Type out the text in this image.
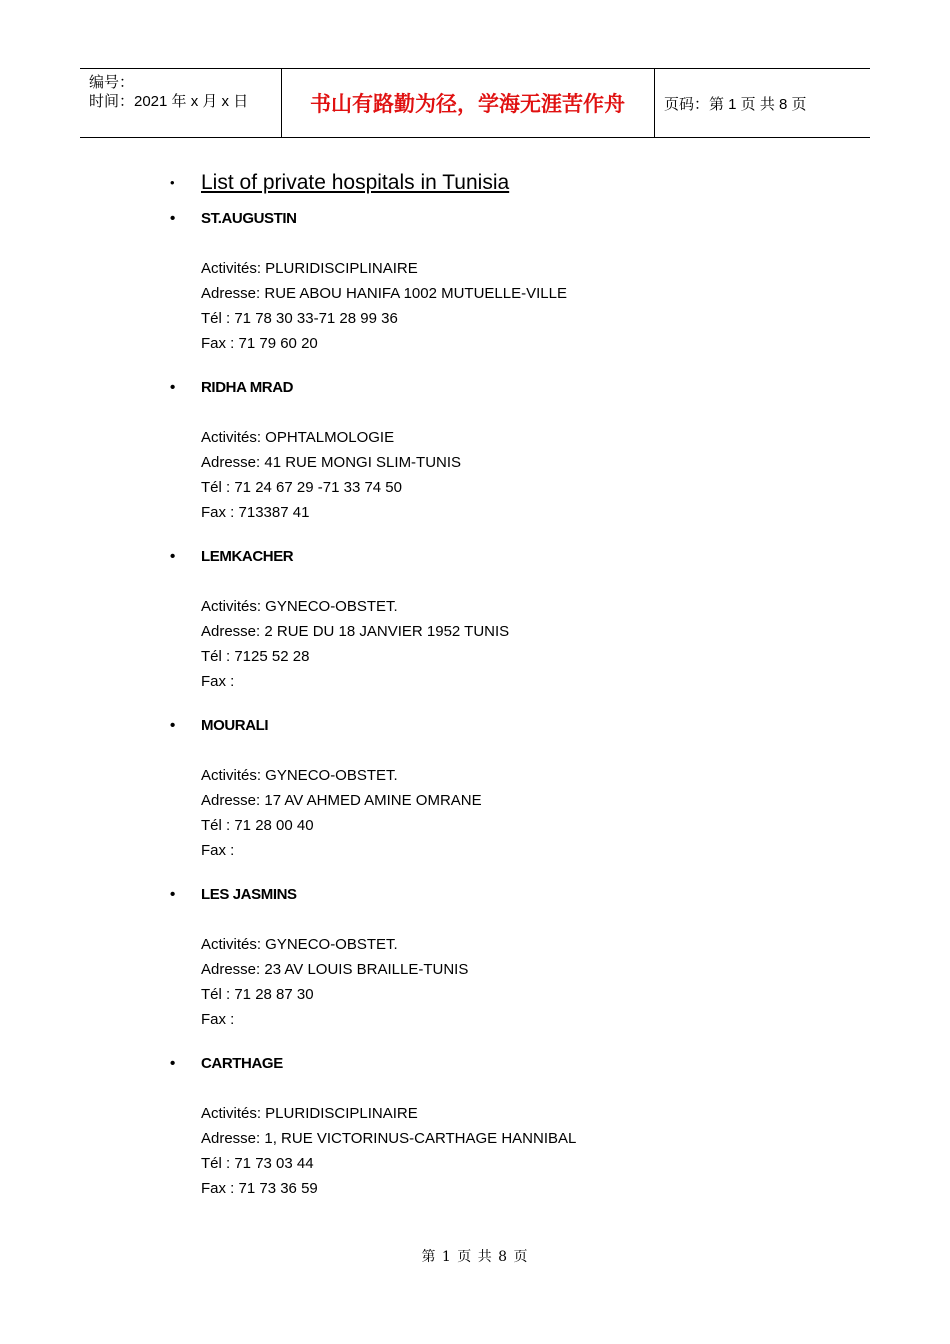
编号：
时间：2021 年 x 月 x 日	书山有路勤为径，学海无涯苦作舟	页码：第 1 页 共 8 页
• List of private hospitals in Tunisia
• ST.AUGUSTIN
Activités: PLURIDISCIPLINAIRE
Adresse: RUE ABOU HANIFA 1002 MUTUELLE-VILLE
Tél : 71 78 30 33-71 28 99 36
Fax : 71 79 60 20
• RIDHA MRAD
Activités: OPHTALMOLOGIE
Adresse: 41 RUE MONGI SLIM-TUNIS
Tél : 71 24 67 29 -71 33 74 50
Fax : 713387 41
• LEMKACHER
Activités: GYNECO-OBSTET.
Adresse: 2 RUE DU 18 JANVIER 1952 TUNIS
Tél : 7125 52 28
Fax :
• MOURALI
Activités: GYNECO-OBSTET.
Adresse: 17 AV AHMED AMINE OMRANE
Tél : 71 28 00 40
Fax :
• LES JASMINS
Activités: GYNECO-OBSTET.
Adresse: 23 AV LOUIS BRAILLE-TUNIS
Tél : 71 28 87 30
Fax :
• CARTHAGE
Activités: PLURIDISCIPLINAIRE
Adresse: 1, RUE VICTORINUS-CARTHAGE HANNIBAL
Tél : 71 73 03 44
Fax : 71 73 36 59
第 1 页 共 8 页
